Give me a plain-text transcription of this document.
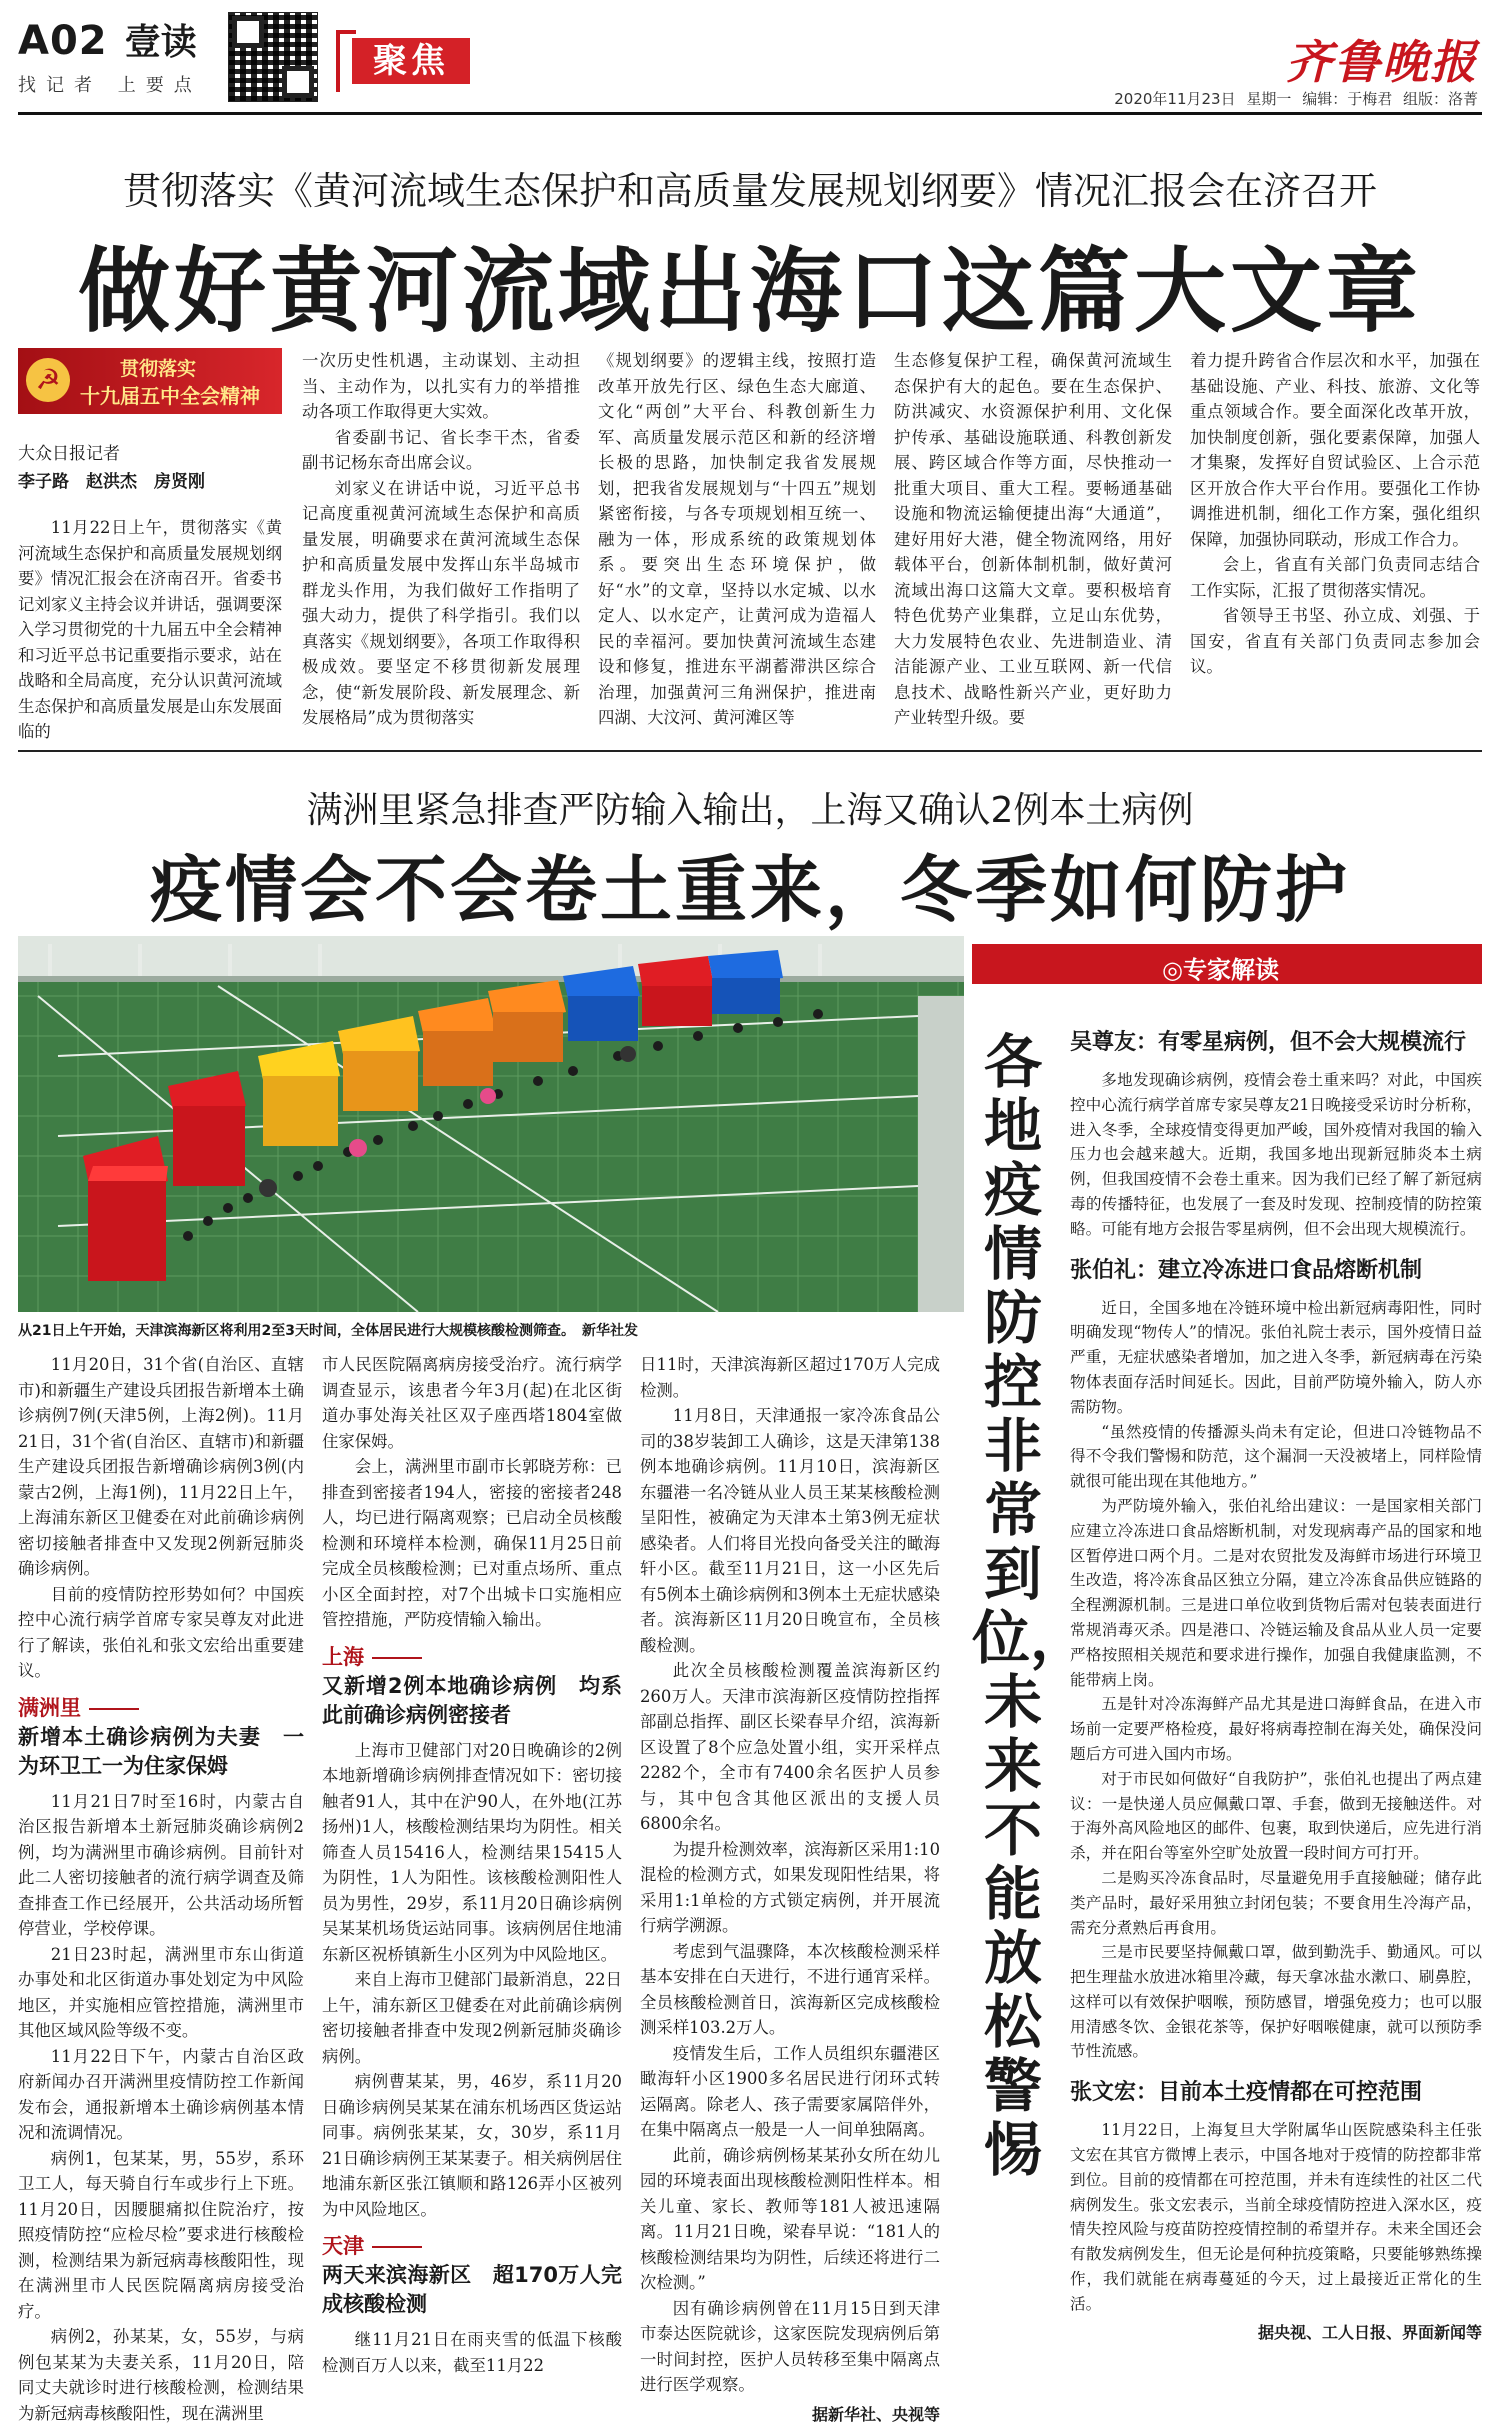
A02 壹读
找记者 上要点
聚焦	齐鲁晚报
2020年11月23日 星期一 编辑：于梅君 组版：洛菁
贯彻落实《黄河流域生态保护和高质量发展规划纲要》情况汇报会在济召开
做好黄河流域出海口这篇大文章
☭	贯彻落实
十九届五中全会精神
大众日报记者
李子路　赵洪杰　房贤刚

11月22日上午，贯彻落实《黄河流域生态保护和高质量发展规划纲要》情况汇报会在济南召开。省委书记刘家义主持会议并讲话，强调要深入学习贯彻党的十九届五中全会精神和习近平总书记重要指示要求，站在战略和全局高度，充分认识黄河流域生态保护和高质量发展是山东发展面临的

一次历史性机遇，主动谋划、主动担当、主动作为，以扎实有力的举措推动各项工作取得更大实效。

省委副书记、省长李干杰，省委副书记杨东奇出席会议。

刘家义在讲话中说，习近平总书记高度重视黄河流域生态保护和高质量发展，明确要求在黄河流域生态保护和高质量发展中发挥山东半岛城市群龙头作用，为我们做好工作指明了强大动力，提供了科学指引。我们以真落实《规划纲要》，各项工作取得积极成效。要坚定不移贯彻新发展理念，使“新发展阶段、新发展理念、新发展格局”成为贯彻落实

《规划纲要》的逻辑主线，按照打造改革开放先行区、绿色生态大廊道、文化“两创”大平台、科教创新生力军、高质量发展示范区和新的经济增长极的思路，加快制定我省发展规划，把我省发展规划与“十四五”规划紧密衔接，与各专项规划相互统一、融为一体，形成系统的政策规划体系。要突出生态环境保护，做好“水”的文章，坚持以水定城、以水定人、以水定产，让黄河成为造福人民的幸福河。要加快黄河流域生态建设和修复，推进东平湖蓄滞洪区综合治理，加强黄河三角洲保护，推进南四湖、大汶河、黄河滩区等

生态修复保护工程，确保黄河流域生态保护有大的起色。要在生态保护、防洪减灾、水资源保护利用、文化保护传承、基础设施联通、科教创新发展、跨区域合作等方面，尽快推动一批重大项目、重大工程。要畅通基础设施和物流运输便捷出海“大通道”，建好用好大港，健全物流网络，用好载体平台，创新体制机制，做好黄河流域出海口这篇大文章。要积极培育特色优势产业集群，立足山东优势，大力发展特色农业、先进制造业、清洁能源产业、工业互联网、新一代信息技术、战略性新兴产业，更好助力产业转型升级。要

着力提升跨省合作层次和水平，加强在基础设施、产业、科技、旅游、文化等重点领域合作。要全面深化改革开放，加快制度创新，强化要素保障，加强人才集聚，发挥好自贸试验区、上合示范区开放合作大平台作用。要强化工作协调推进机制，细化工作方案，强化组织保障，加强协同联动，形成工作合力。

会上，省直有关部门负责同志结合工作实际，汇报了贯彻落实情况。

省领导王书坚、孙立成、刘强、于国安，省直有关部门负责同志参加会议。

满洲里紧急排查严防输入输出，上海又确认2例本土病例
疫情会不会卷土重来，冬季如何防护
从21日上午开始，天津滨海新区将利用2至3天时间，全体居民进行大规模核酸检测筛查。　新华社发

11月20日，31个省(自治区、直辖市)和新疆生产建设兵团报告新增本土确诊病例7例(天津5例，上海2例)。11月21日，31个省(自治区、直辖市)和新疆生产建设兵团报告新增确诊病例3例(内蒙古2例，上海1例)，11月22日上午，上海浦东新区卫健委在对此前确诊病例密切接触者排查中又发现2例新冠肺炎确诊病例。

目前的疫情防控形势如何？中国疾控中心流行病学首席专家吴尊友对此进行了解读，张伯礼和张文宏给出重要建议。

满洲里
新增本土确诊病例为夫妻　一为环卫工一为住家保姆

11月21日7时至16时，内蒙古自治区报告新增本土新冠肺炎确诊病例2例，均为满洲里市确诊病例。目前针对此二人密切接触者的流行病学调查及筛查排查工作已经展开，公共活动场所暂停营业，学校停课。

21日23时起，满洲里市东山街道办事处和北区街道办事处划定为中风险地区，并实施相应管控措施，满洲里市其他区域风险等级不变。

11月22日下午，内蒙古自治区政府新闻办召开满洲里疫情防控工作新闻发布会，通报新增本土确诊病例基本情况和流调情况。

病例1，包某某，男，55岁，系环卫工人，每天骑自行车或步行上下班。11月20日，因腰腿痛拟住院治疗，按照疫情防控“应检尽检”要求进行核酸检测，检测结果为新冠病毒核酸阳性，现在满洲里市人民医院隔离病房接受治疗。

病例2，孙某某，女，55岁，与病例包某某为夫妻关系，11月20日，陪同丈夫就诊时进行核酸检测，检测结果为新冠病毒核酸阳性，现在满洲里

市人民医院隔离病房接受治疗。流行病学调查显示，该患者今年3月(起)在北区街道办事处海关社区双子座西塔1804室做住家保姆。

会上，满洲里市副市长郭晓芳称：已排查到密接者194人，密接的密接者248人，均已进行隔离观察；已启动全员核酸检测和环境样本检测，确保11月25日前完成全员核酸检测；已对重点场所、重点小区全面封控，对7个出城卡口实施相应管控措施，严防疫情输入输出。

上海
又新增2例本地确诊病例　均系此前确诊病例密接者

上海市卫健部门对20日晚确诊的2例本地新增确诊病例排查情况如下：密切接触者91人，其中在沪90人，在外地(江苏扬州)1人，核酸检测结果均为阴性。相关筛查人员15416人，检测结果15415人为阴性，1人为阳性。该核酸检测阳性人员为男性，29岁，系11月20日确诊病例吴某某机场货运站同事。该病例居住地浦东新区祝桥镇新生小区列为中风险地区。

来自上海市卫健部门最新消息，22日上午，浦东新区卫健委在对此前确诊病例密切接触者排查中发现2例新冠肺炎确诊病例。

病例曹某某，男，46岁，系11月20日确诊病例吴某某在浦东机场西区货运站同事。病例张某某，女，30岁，系11月21日确诊病例王某某妻子。相关病例居住地浦东新区张江镇顺和路126弄小区被列为中风险地区。

天津
两天来滨海新区　超170万人完成核酸检测

继11月21日在雨夹雪的低温下核酸检测百万人以来，截至11月22

日11时，天津滨海新区超过170万人完成检测。

11月8日，天津通报一家冷冻食品公司的38岁装卸工人确诊，这是天津第138例本地确诊病例。11月10日，滨海新区东疆港一名冷链从业人员王某某核酸检测呈阳性，被确定为天津本土第3例无症状感染者。人们将目光投向备受关注的瞰海轩小区。截至11月21日，这一小区先后有5例本土确诊病例和3例本土无症状感染者。滨海新区11月20日晚宣布，全员核酸检测。

此次全员核酸检测覆盖滨海新区约260万人。天津市滨海新区疫情防控指挥部副总指挥、副区长梁春早介绍，滨海新区设置了8个应急处置小组，实开采样点2282个，全市有7400余名医护人员参与，其中包含其他区派出的支援人员6800余名。

为提升检测效率，滨海新区采用1:10混检的检测方式，如果发现阳性结果，将采用1:1单检的方式锁定病例，并开展流行病学溯源。

考虑到气温骤降，本次核酸检测采样基本安排在白天进行，不进行通宵采样。全员核酸检测首日，滨海新区完成核酸检测采样103.2万人。

疫情发生后，工作人员组织东疆港区瞰海轩小区1900多名居民进行闭环式转运隔离。除老人、孩子需要家属陪伴外，在集中隔离点一般是一人一间单独隔离。

此前，确诊病例杨某某孙女所在幼儿园的环境表面出现核酸检测阳性样本。相关儿童、家长、教师等181人被迅速隔离。11月21日晚，梁春早说：“181人的核酸检测结果均为阴性，后续还将进行二次检测。”

因有确诊病例曾在11月15日到天津市泰达医院就诊，这家医院发现病例后第一时间封控，医护人员转移至集中隔离点进行医学观察。

据新华社、央视等
◎专家解读
各地疫情防控非常到位，未来不能放松警惕
吴尊友：有零星病例，但不会大规模流行

多地发现确诊病例，疫情会卷土重来吗？对此，中国疾控中心流行病学首席专家吴尊友21日晚接受采访时分析称，进入冬季，全球疫情变得更加严峻，国外疫情对我国的输入压力也会越来越大。近期，我国多地出现新冠肺炎本土病例，但我国疫情不会卷土重来。因为我们已经了解了新冠病毒的传播特征，也发展了一套及时发现、控制疫情的防控策略。可能有地方会报告零星病例，但不会出现大规模流行。

张伯礼：建立冷冻进口食品熔断机制

近日，全国多地在冷链环境中检出新冠病毒阳性，同时明确发现“物传人”的情况。张伯礼院士表示，国外疫情日益严重，无症状感染者增加，加之进入冬季，新冠病毒在污染物体表面存活时间延长。因此，目前严防境外输入，防人亦需防物。

“虽然疫情的传播源头尚未有定论，但进口冷链物品不得不令我们警惕和防范，这个漏洞一天没被堵上，同样险情就很可能出现在其他地方。”

为严防境外输入，张伯礼给出建议：一是国家相关部门应建立冷冻进口食品熔断机制，对发现病毒产品的国家和地区暂停进口两个月。二是对农贸批发及海鲜市场进行环境卫生改造，将冷冻食品区独立分隔，建立冷冻食品供应链路的全程溯源机制。三是进口单位收到货物后需对包装表面进行常规消毒灭杀。四是港口、冷链运输及食品从业人员一定要严格按照相关规范和要求进行操作，加强自我健康监测，不能带病上岗。

五是针对冷冻海鲜产品尤其是进口海鲜食品，在进入市场前一定要严格检疫，最好将病毒控制在海关处，确保没问题后方可进入国内市场。

对于市民如何做好“自我防护”，张伯礼也提出了两点建议：一是快递人员应佩戴口罩、手套，做到无接触送件。对于海外高风险地区的邮件、包裹，取到快递后，应先进行消杀，并在阳台等室外空旷处放置一段时间方可打开。

二是购买冷冻食品时，尽量避免用手直接触碰；储存此类产品时，最好采用独立封闭包装；不要食用生冷海产品，需充分煮熟后再食用。

三是市民要坚持佩戴口罩，做到勤洗手、勤通风。可以把生理盐水放进冰箱里冷藏，每天拿冰盐水漱口、刷鼻腔，这样可以有效保护咽喉，预防感冒，增强免疫力；也可以服用清感冬饮、金银花茶等，保护好咽喉健康，就可以预防季节性流感。

张文宏：目前本土疫情都在可控范围

11月22日，上海复旦大学附属华山医院感染科主任张文宏在其官方微博上表示，中国各地对于疫情的防控都非常到位。目前的疫情都在可控范围，并未有连续性的社区二代病例发生。张文宏表示，当前全球疫情防控进入深水区，疫情失控风险与疫苗防控疫情控制的希望并存。未来全国还会有散发病例发生，但无论是何种抗疫策略，只要能够熟练操作，我们就能在病毒蔓延的今天，过上最接近正常化的生活。

据央视、工人日报、界面新闻等
